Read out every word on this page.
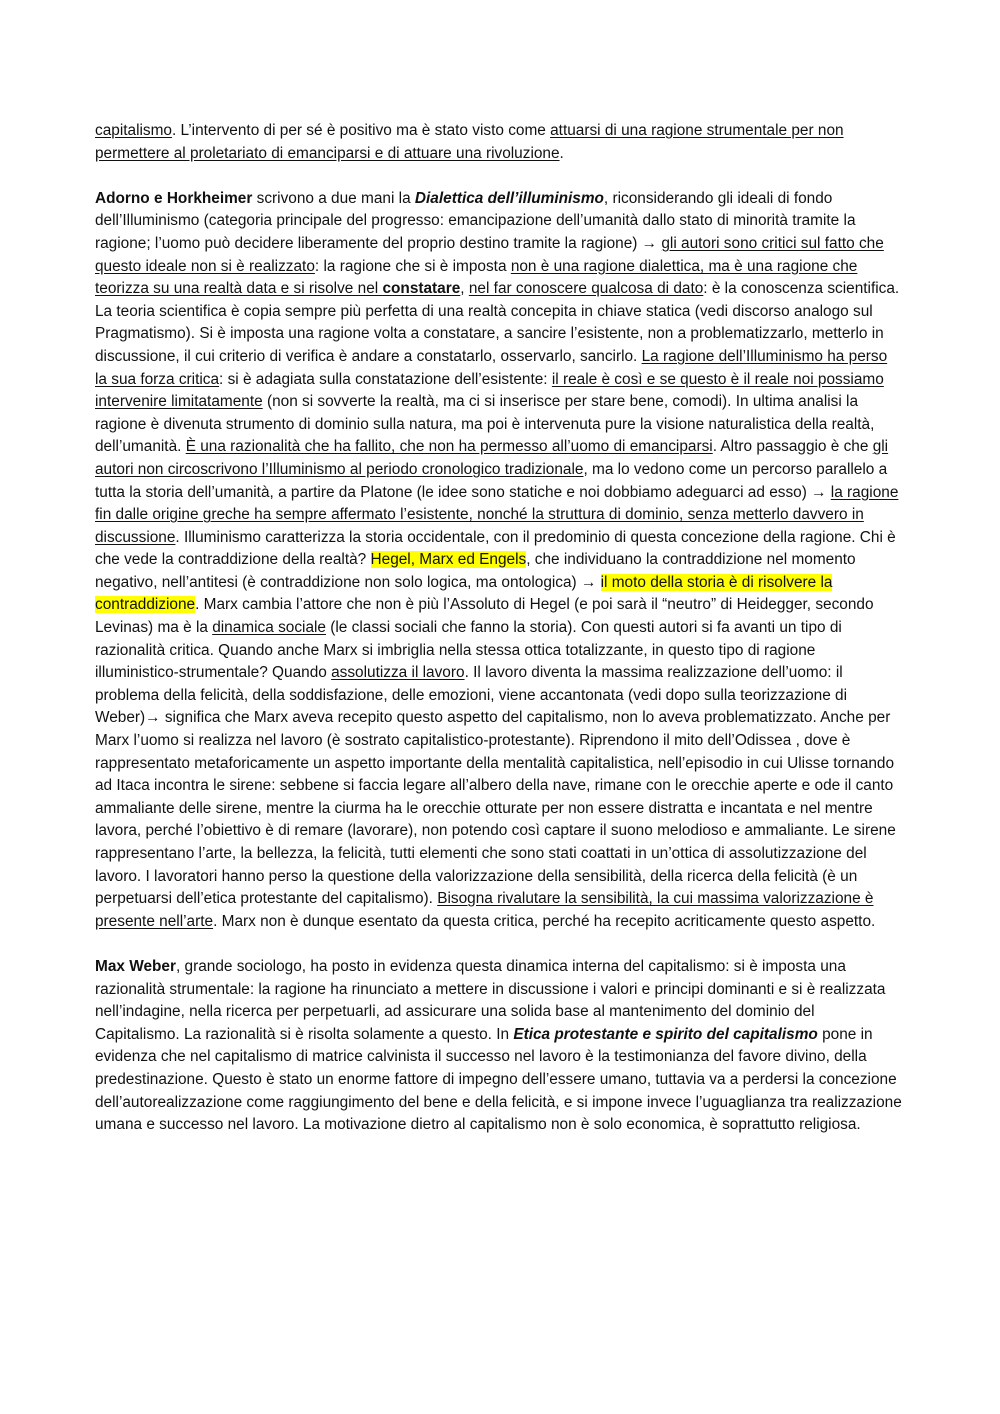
capitalismo. L’intervento di per sé è positivo ma è stato visto come attuarsi di una ragione strumentale per non permettere al proletariato di emanciparsi e di attuare una rivoluzione.

Adorno e Horkheimer scrivono a due mani la Dialettica dell’illuminismo, riconsiderando gli ideali di fondo dell’Illuminismo (categoria principale del progresso: emancipazione dell’umanità dallo stato di minorità tramite la ragione; l’uomo può decidere liberamente del proprio destino tramite la ragione) → gli autori sono critici sul fatto che questo ideale non si è realizzato: la ragione che si è imposta non è una ragione dialettica, ma è una ragione che teorizza su una realtà data e si risolve nel constatare, nel far conoscere qualcosa di dato: è la conoscenza scientifica. La teoria scientifica è copia sempre più perfetta di una realtà concepita in chiave statica (vedi discorso analogo sul Pragmatismo). Si è imposta una ragione volta a constatare, a sancire l’esistente, non a problematizzarlo, metterlo in discussione, il cui criterio di verifica è andare a constatarlo, osservarlo, sancirlo. La ragione dell’Illuminismo ha perso la sua forza critica: si è adagiata sulla constatazione dell’esistente: il reale è così e se questo è il reale noi possiamo intervenire limitatamente (non si sovverte la realtà, ma ci si inserisce per stare bene, comodi). In ultima analisi la ragione è divenuta strumento di dominio sulla natura, ma poi è intervenuta pure la visione naturalistica della realtà, dell’umanità. È una razionalità che ha fallito, che non ha permesso all’uomo di emanciparsi. Altro passaggio è che gli autori non circoscrivono l’Illuminismo al periodo cronologico tradizionale, ma lo vedono come un percorso parallelo a tutta la storia dell’umanità, a partire da Platone (le idee sono statiche e noi dobbiamo adeguarci ad esso) → la ragione fin dalle origine greche ha sempre affermato l’esistente, nonché la struttura di dominio, senza metterlo davvero in discussione. Illuminismo caratterizza la storia occidentale, con il predominio di questa concezione della ragione. Chi è che vede la contraddizione della realtà? Hegel, Marx ed Engels, che individuano la contraddizione nel momento negativo, nell’antitesi (è contraddizione non solo logica, ma ontologica) → il moto della storia è di risolvere la contraddizione. Marx cambia l’attore che non è più l’Assoluto di Hegel (e poi sarà il “neutro” di Heidegger, secondo Levinas) ma è la dinamica sociale (le classi sociali che fanno la storia). Con questi autori si fa avanti un tipo di razionalità critica. Quando anche Marx si imbriglia nella stessa ottica totalizzante, in questo tipo di ragione illuministico-strumentale? Quando assolutizza il lavoro. Il lavoro diventa la massima realizzazione dell’uomo: il problema della felicità, della soddisfazione, delle emozioni, viene accantonata (vedi dopo sulla teorizzazione di Weber)→ significa che Marx aveva recepito questo aspetto del capitalismo, non lo aveva problematizzato. Anche per Marx l’uomo si realizza nel lavoro (è sostrato capitalistico-protestante). Riprendono il mito dell’Odissea , dove è rappresentato metaforicamente un aspetto importante della mentalità capitalistica, nell’episodio in cui Ulisse tornando ad Itaca incontra le sirene: sebbene si faccia legare all’albero della nave, rimane con le orecchie aperte e ode il canto ammaliante delle sirene, mentre la ciurma ha le orecchie otturate per non essere distratta e incantata e nel mentre lavora, perché l’obiettivo è di remare (lavorare), non potendo così captare il suono melodioso e ammaliante. Le sirene rappresentano l’arte, la bellezza, la felicità, tutti elementi che sono stati coattati in un’ottica di assolutizzazione del lavoro. I lavoratori hanno perso la questione della valorizzazione della sensibilità, della ricerca della felicità (è un perpetuarsi dell’etica protestante del capitalismo). Bisogna rivalutare la sensibilità, la cui massima valorizzazione è presente nell’arte. Marx non è dunque esentato da questa critica, perché ha recepito acriticamente questo aspetto.

Max Weber, grande sociologo, ha posto in evidenza questa dinamica interna del capitalismo: si è imposta una razionalità strumentale: la ragione ha rinunciato a mettere in discussione i valori e principi dominanti e si è realizzata nell’indagine, nella ricerca per perpetuarli, ad assicurare una solida base al mantenimento del dominio del Capitalismo. La razionalità si è risolta solamente a questo. In Etica protestante e spirito del capitalismo pone in evidenza che nel capitalismo di matrice calvinista il successo nel lavoro è la testimonianza del favore divino, della predestinazione. Questo è stato un enorme fattore di impegno dell’essere umano, tuttavia va a perdersi la concezione dell’autorealizzazione come raggiungimento del bene e della felicità, e si impone invece l’uguaglianza tra realizzazione umana e successo nel lavoro. La motivazione dietro al capitalismo non è solo economica, è soprattutto religiosa.
